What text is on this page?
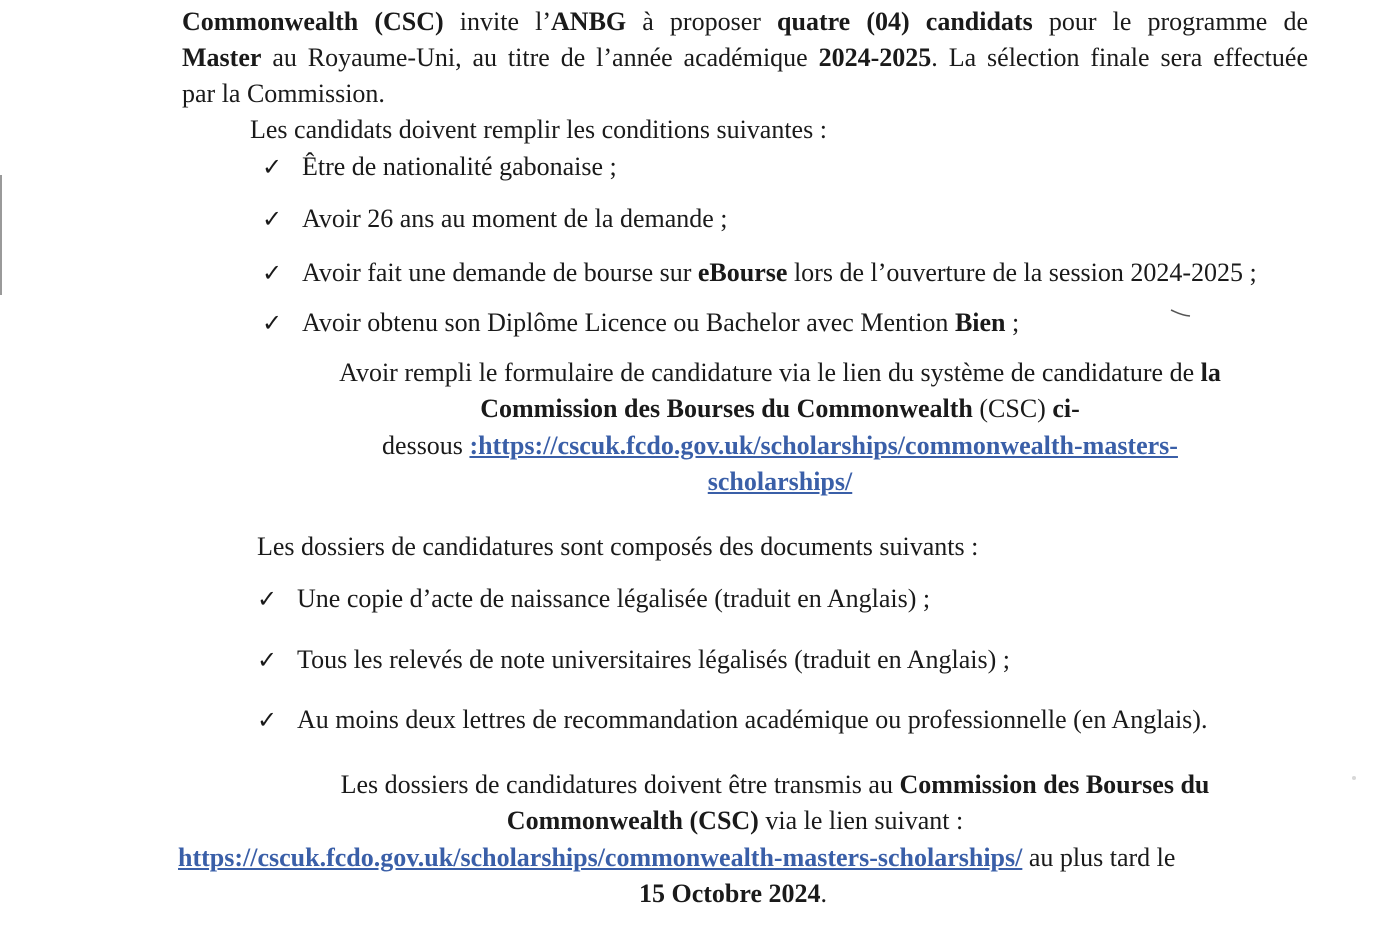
Commonwealth (CSC) invite l’ANBG à proposer quatre (04) candidats pour le programme de
Master au Royaume-Uni, au titre de l’année académique 2024-2025. La sélection finale sera effectuée
par la Commission.
Les candidats doivent remplir les conditions suivantes :
✓ Être de nationalité gabonaise ;
✓ Avoir 26 ans au moment de la demande ;
✓ Avoir fait une demande de bourse sur eBourse lors de l’ouverture de la session 2024-2025 ;
✓ Avoir obtenu son Diplôme Licence ou Bachelor avec Mention Bien ;
Avoir rempli le formulaire de candidature via le lien du système de candidature de la
Commission des Bourses du Commonwealth (CSC) ci-
dessous :https://cscuk.fcdo.gov.uk/scholarships/commonwealth-masters-
scholarships/
Les dossiers de candidatures sont composés des documents suivants :
✓ Une copie d’acte de naissance légalisée (traduit en Anglais) ;
✓ Tous les relevés de note universitaires légalisés (traduit en Anglais) ;
✓ Au moins deux lettres de recommandation académique ou professionnelle (en Anglais).
Les dossiers de candidatures doivent être transmis au Commission des Bourses du
Commonwealth (CSC) via le lien suivant :
https://cscuk.fcdo.gov.uk/scholarships/commonwealth-masters-scholarships/ au plus tard le
15 Octobre 2024.
